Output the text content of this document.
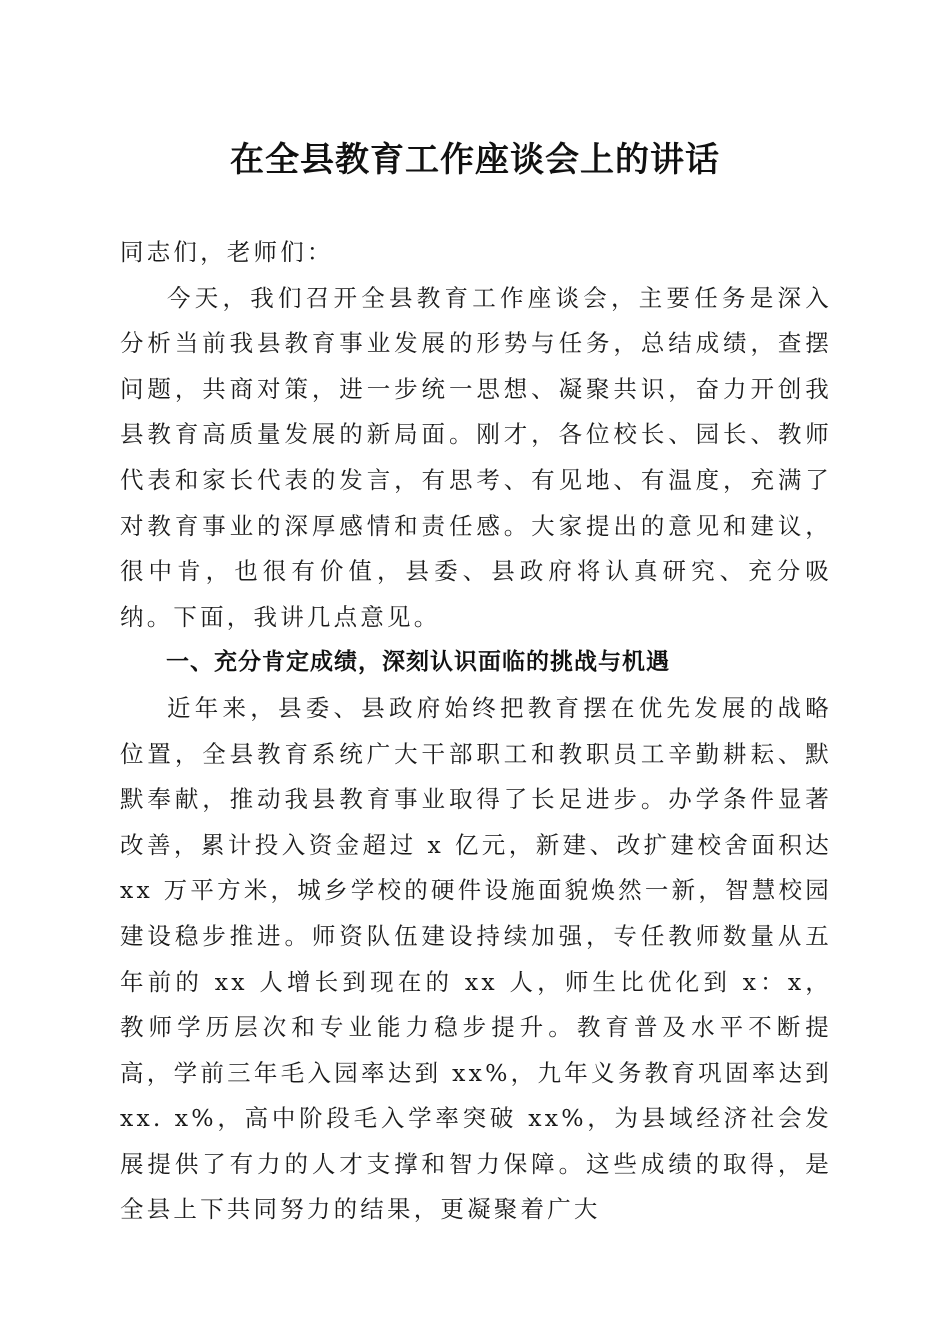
在全县教育工作座谈会上的讲话

同志们，老师们：

今天，我们召开全县教育工作座谈会，主要任务是深入分析当前我县教育事业发展的形势与任务，总结成绩，查摆问题，共商对策，进一步统一思想、凝聚共识，奋力开创我县教育高质量发展的新局面。刚才，各位校长、园长、教师代表和家长代表的发言，有思考、有见地、有温度，充满了对教育事业的深厚感情和责任感。大家提出的意见和建议，很中肯，也很有价值，县委、县政府将认真研究、充分吸纳。下面，我讲几点意见。

一、充分肯定成绩，深刻认识面临的挑战与机遇

近年来，县委、县政府始终把教育摆在优先发展的战略位置，全县教育系统广大干部职工和教职员工辛勤耕耘、默默奉献，推动我县教育事业取得了长足进步。办学条件显著改善，累计投入资金超过 x 亿元，新建、改扩建校舍面积达 xx 万平方米，城乡学校的硬件设施面貌焕然一新，智慧校园建设稳步推进。师资队伍建设持续加强，专任教师数量从五年前的 xx 人增长到现在的 xx 人，师生比优化到 x：x，教师学历层次和专业能力稳步提升。教育普及水平不断提高，学前三年毛入园率达到 xx%，九年义务教育巩固率达到 xx. x%，高中阶段毛入学率突破 xx%，为县域经济社会发展提供了有力的人才支撑和智力保障。这些成绩的取得，是全县上下共同努力的结果，更凝聚着广大
